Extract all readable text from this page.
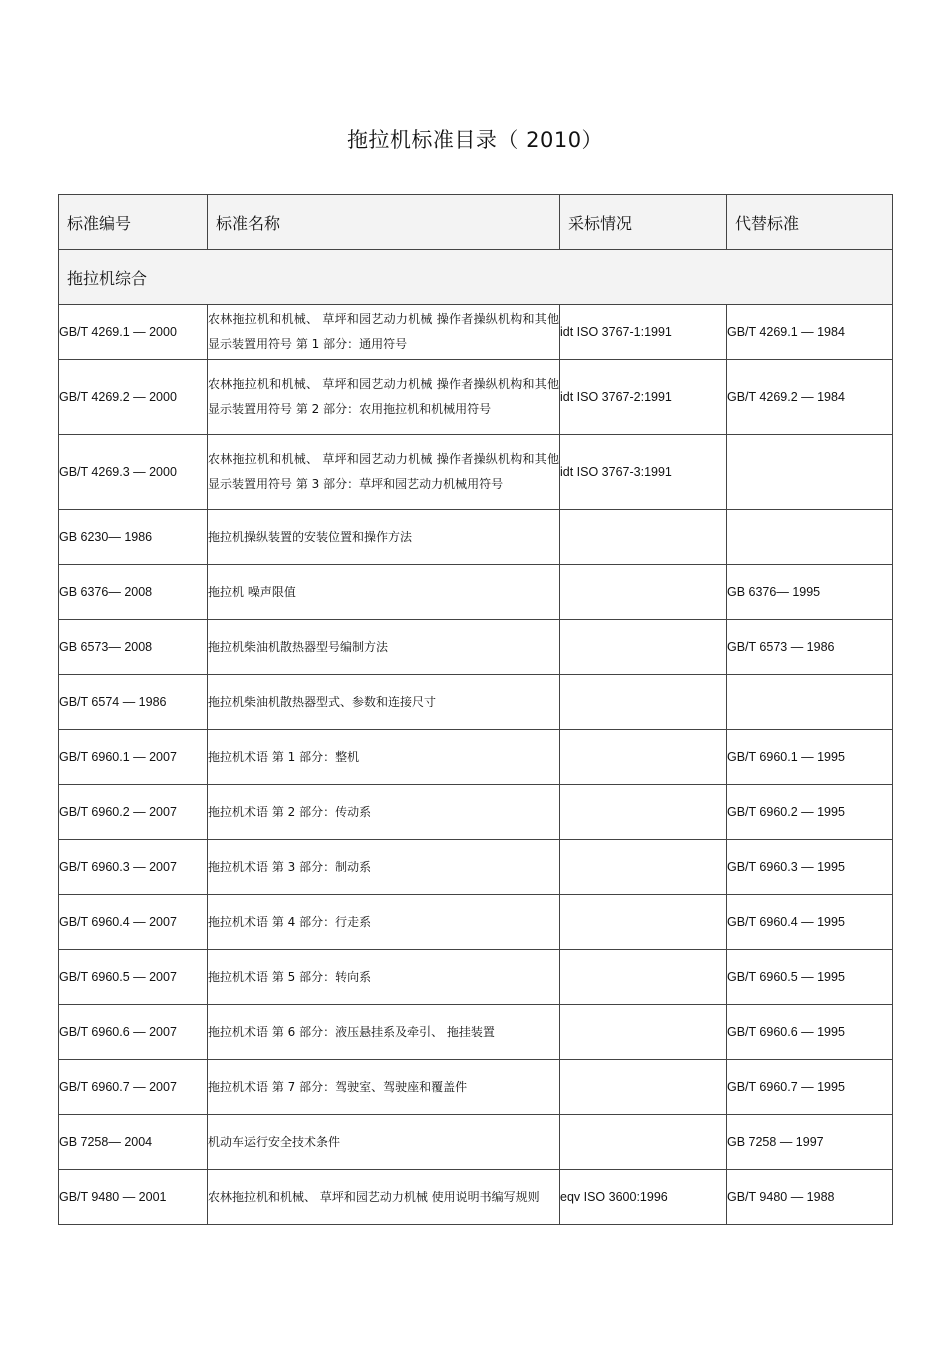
拖拉机标准目录（ 2010）
标准编号	标准名称	采标情况	代替标准
拖拉机综合			
GB/T 4269.1 — 2000	农林拖拉机和机械、 草坪和园艺动力机械 操作者操纵机构和其他显示装置用符号 第 1 部分：通用符号	idt ISO 3767-1:1991	GB/T 4269.1 — 1984
GB/T 4269.2 — 2000	农林拖拉机和机械、 草坪和园艺动力机械 操作者操纵机构和其他显示装置用符号 第 2 部分：农用拖拉机和机械用符号	idt ISO 3767-2:1991	GB/T 4269.2 — 1984
GB/T 4269.3 — 2000	农林拖拉机和机械、 草坪和园艺动力机械 操作者操纵机构和其他显示装置用符号 第 3 部分：草坪和园艺动力机械用符号	idt ISO 3767-3:1991	
GB 6230— 1986	拖拉机操纵装置的安装位置和操作方法		
GB 6376— 2008	拖拉机 噪声限值		GB 6376— 1995
GB 6573— 2008	拖拉机柴油机散热器型号编制方法		GB/T 6573 — 1986
GB/T 6574 — 1986	拖拉机柴油机散热器型式、参数和连接尺寸		
GB/T 6960.1 — 2007	拖拉机术语 第 1 部分：整机		GB/T 6960.1 — 1995
GB/T 6960.2 — 2007	拖拉机术语 第 2 部分：传动系		GB/T 6960.2 — 1995
GB/T 6960.3 — 2007	拖拉机术语 第 3 部分：制动系		GB/T 6960.3 — 1995
GB/T 6960.4 — 2007	拖拉机术语 第 4 部分：行走系		GB/T 6960.4 — 1995
GB/T 6960.5 — 2007	拖拉机术语 第 5 部分：转向系		GB/T 6960.5 — 1995
GB/T 6960.6 — 2007	拖拉机术语 第 6 部分：液压悬挂系及牵引、 拖挂装置		GB/T 6960.6 — 1995
GB/T 6960.7 — 2007	拖拉机术语 第 7 部分：驾驶室、驾驶座和覆盖件		GB/T 6960.7 — 1995
GB 7258— 2004	机动车运行安全技术条件		GB 7258 — 1997
GB/T 9480 — 2001	农林拖拉机和机械、 草坪和园艺动力机械 使用说明书编写规则	eqv ISO 3600:1996	GB/T 9480 — 1988
